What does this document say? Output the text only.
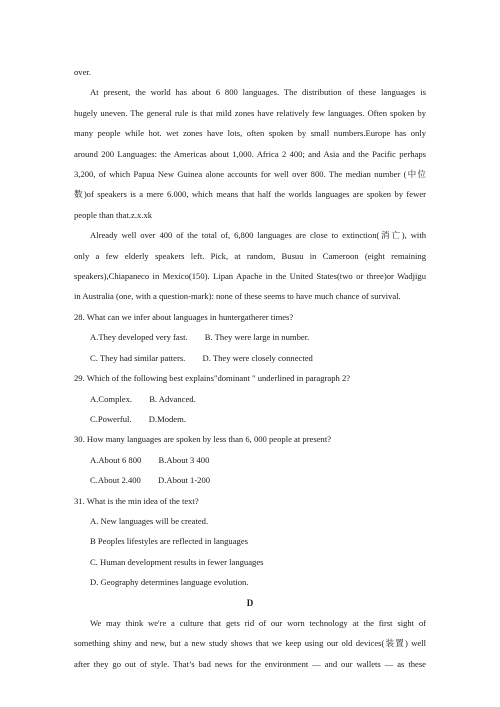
over.
At present, the world has about 6 800 languages. The distribution of these languages is
hugely uneven. The general rule is that mild zones have relatively few languages. Often spoken by
many people while hot. wet zones have lots, often spoken by small numbers.Europe has only
around 200 Languages: the Americas about 1,000. Africa 2 400; and Asia and the Pacific perhaps
3,200, of which Papua New Guinea alone accounts for well over 800. The median number (中位
数)of speakers is a mere 6.000, which means that half the worlds languages are spoken by fewer
people than that.z.x.xk
Already well over 400 of the total of, 6,800 languages are close to extinction(消亡), with
only a few elderly speakers left. Pick, at random, Busuu in Cameroon (eight remaining
speakers),Chiapaneco in Mexico(150). Lipan Apache in the United States(two or three)or Wadjigu
in Australia (one, with a question-mark): none of these seems to have much chance of survival.
28. What can we infer about languages in huntergatherer times?
A.They developed very fast.        B. They were large in number.
C. They had similar patters.        D. They were closely connected
29. Which of the following best explains"dominant " underlined in paragraph 2?
A.Complex.        B. Advanced.
C.Powerful.        D.Modem.
30. How many languages are spoken by less than 6, 000 people at present?
A.About 6 800        B.About 3 400
C.About 2.400        D.About 1-200
31. What is the min idea of the text?
A. New languages will be created.
B Peoples lifestyles are reflected in languages
C. Human development results in fewer languages
D. Geography determines language evolution.
D
We may think we're a culture that gets rid of our worn technology at the first sight of
something shiny and new, but a new study shows that we keep using our old devices(装置) well
after they go out of style. That’s bad news for the environment — and our wallets — as these
